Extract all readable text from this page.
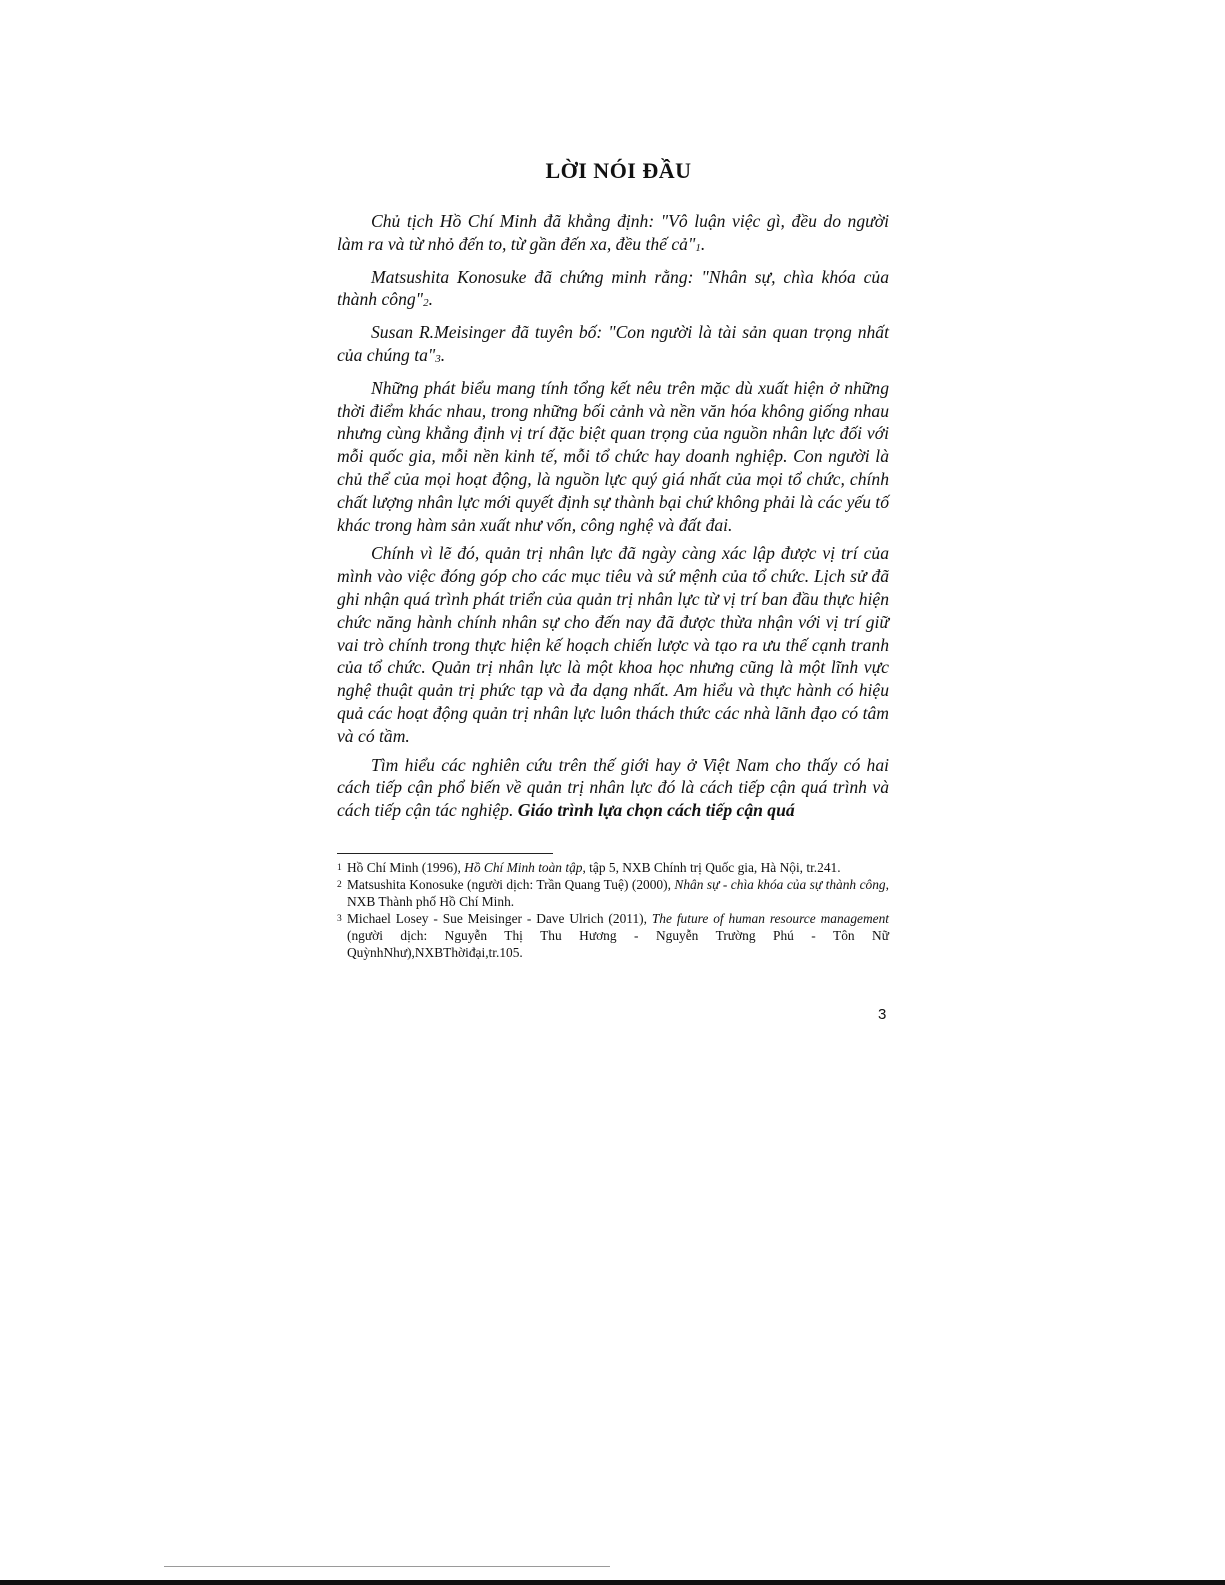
LỜI NÓI ĐẦU

Chủ tịch Hồ Chí Minh đã khẳng định: "Vô luận việc gì, đều do người làm ra và từ nhỏ đến to, từ gần đến xa, đều thế cả"1.

Matsushita Konosuke đã chứng minh rằng: "Nhân sự, chìa khóa của thành công"2.

Susan R.Meisinger đã tuyên bố: "Con người là tài sản quan trọng nhất của chúng ta"3.

Những phát biểu mang tính tổng kết nêu trên mặc dù xuất hiện ở những thời điểm khác nhau, trong những bối cảnh và nền văn hóa không giống nhau nhưng cùng khẳng định vị trí đặc biệt quan trọng của nguồn nhân lực đối với mỗi quốc gia, mỗi nền kinh tế, mỗi tổ chức hay doanh nghiệp. Con người là chủ thể của mọi hoạt động, là nguồn lực quý giá nhất của mọi tổ chức, chính chất lượng nhân lực mới quyết định sự thành bại chứ không phải là các yếu tố khác trong hàm sản xuất như vốn, công nghệ và đất đai.

Chính vì lẽ đó, quản trị nhân lực đã ngày càng xác lập được vị trí của mình vào việc đóng góp cho các mục tiêu và sứ mệnh của tổ chức. Lịch sử đã ghi nhận quá trình phát triển của quản trị nhân lực từ vị trí ban đầu thực hiện chức năng hành chính nhân sự cho đến nay đã được thừa nhận với vị trí giữ vai trò chính trong thực hiện kế hoạch chiến lược và tạo ra ưu thế cạnh tranh của tổ chức. Quản trị nhân lực là một khoa học nhưng cũng là một lĩnh vực nghệ thuật quản trị phức tạp và đa dạng nhất. Am hiểu và thực hành có hiệu quả các hoạt động quản trị nhân lực luôn thách thức các nhà lãnh đạo có tâm và có tầm.

Tìm hiểu các nghiên cứu trên thế giới hay ở Việt Nam cho thấy có hai cách tiếp cận phổ biến về quản trị nhân lực đó là cách tiếp cận quá trình và cách tiếp cận tác nghiệp. Giáo trình lựa chọn cách tiếp cận quá

1 Hồ Chí Minh (1996), Hồ Chí Minh toàn tập, tập 5, NXB Chính trị Quốc gia, Hà Nội, tr.241.

2 Matsushita Konosuke (người dịch: Trần Quang Tuệ) (2000), Nhân sự - chìa khóa của sự thành công, NXB Thành phố Hồ Chí Minh.

3 Michael Losey - Sue Meisinger - Dave Ulrich (2011), The future of human resource management (người dịch: Nguyễn Thị Thu Hương - Nguyễn Trường Phú - Tôn Nữ QuỳnhNhư),NXBThờiđại,tr.105.

3
